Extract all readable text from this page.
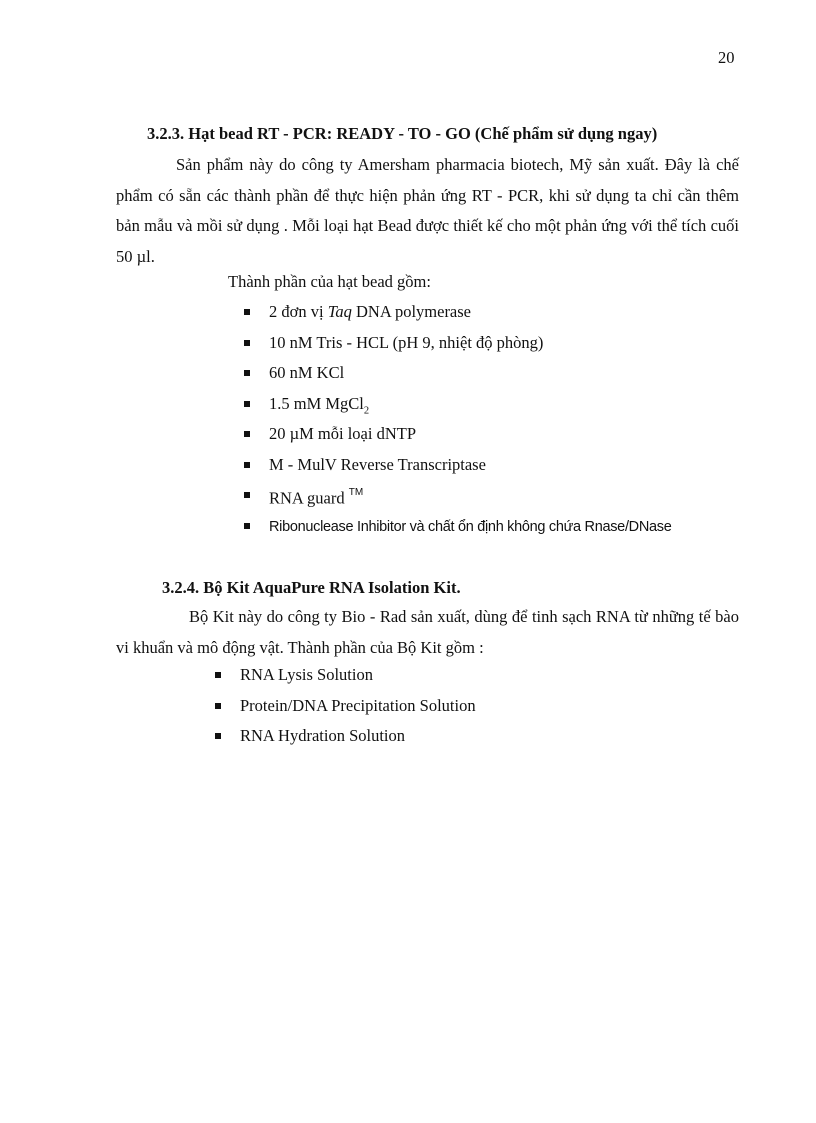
20
3.2.3. Hạt bead RT - PCR: READY - TO - GO (Chế phẩm sử dụng ngay)
Sản phẩm này do công ty Amersham pharmacia biotech, Mỹ sản xuất. Đây là chế phẩm có sẵn các thành phần để thực hiện phản ứng RT - PCR, khi sử dụng ta chỉ cần thêm bản mẫu và mồi sử dụng . Mỗi loại hạt Bead được thiết kế cho một phản ứng với thể tích cuối 50 µl.
Thành phần của hạt bead gồm:
2 đơn vị Taq DNA polymerase
10 nM Tris - HCL (pH 9, nhiệt độ phòng)
60 nM KCl
1.5 mM MgCl$_2$
20 µM mỗi loại dNTP
M - MulV Reverse Transcriptase
RNA guard ™
Ribonuclease Inhibitor và chất ổn định không chứa Rnase/DNase
3.2.4. Bộ Kit AquaPure RNA Isolation Kit.
Bộ Kit này do công ty Bio - Rad sản xuất, dùng để tinh sạch RNA từ những tế bào vi khuẩn và mô động vật. Thành phần của Bộ Kit gồm :
RNA Lysis Solution
Protein/DNA Precipitation Solution
RNA Hydration Solution
